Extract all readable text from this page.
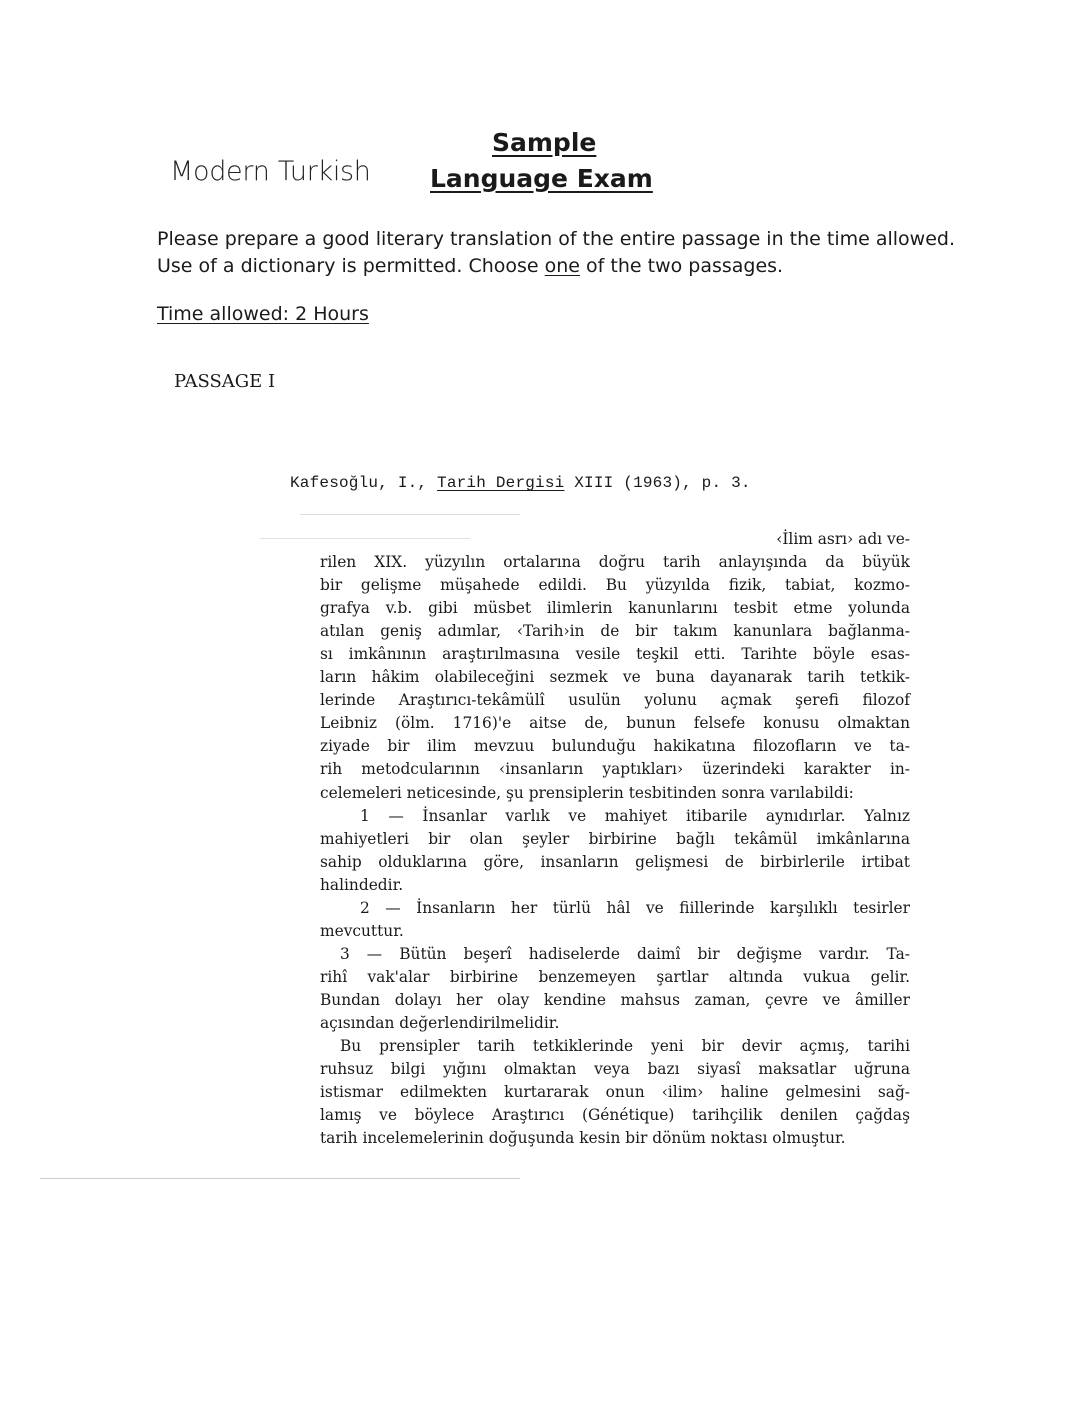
Modern Turkish
Sample
Language Exam
Please prepare a good literary translation of the entire passage in the time allowed.
Use of a dictionary is permitted. Choose one of the two passages.
Time allowed: 2 Hours
PASSAGE I
Kafesoğlu, I., Tarih Dergisi XIII (1963), p. 3.
‹İlim asrı› adı ve-
rilen XIX. yüzyılın ortalarına doğru tarih anlayışında da büyük
bir gelişme müşahede edildi. Bu yüzyılda fizik, tabiat, kozmo-
grafya v.b. gibi müsbet ilimlerin kanunlarını tesbit etme yolunda
atılan geniş adımlar, ‹Tarih›in de bir takım kanunlara bağlanma-
sı imkânının araştırılmasına vesile teşkil etti. Tarihte böyle esas-
ların hâkim olabileceğini sezmek ve buna dayanarak tarih tetkik-
lerinde Araştırıcı-tekâmülî usulün yolunu açmak şerefi filozof
Leibniz (ölm. 1716)'e aitse de, bunun felsefe konusu olmaktan
ziyade bir ilim mevzuu bulunduğu hakikatına filozofların ve ta-
rih metodcularının ‹insanların yaptıkları› üzerindeki karakter in-
celemeleri neticesinde, şu prensiplerin tesbitinden sonra varılabildi:
1 — İnsanlar varlık ve mahiyet itibarile aynıdırlar. Yalnız
mahiyetleri bir olan şeyler birbirine bağlı tekâmül imkânlarına
sahip olduklarına göre, insanların gelişmesi de birbirlerile irtibat
halindedir.
2 — İnsanların her türlü hâl ve fiillerinde karşılıklı tesirler
mevcuttur.
3 — Bütün beşerî hadiselerde daimî bir değişme vardır. Ta-
rihî vak'alar birbirine benzemeyen şartlar altında vukua gelir.
Bundan dolayı her olay kendine mahsus zaman, çevre ve âmiller
açısından değerlendirilmelidir.
Bu prensipler tarih tetkiklerinde yeni bir devir açmış, tarihi
ruhsuz bilgi yığını olmaktan veya bazı siyasî maksatlar uğruna
istismar edilmekten kurtararak onun ‹ilim› haline gelmesini sağ-
lamış ve böylece Araştırıcı (Génétique) tarihçilik denilen çağdaş
tarih incelemelerinin doğuşunda kesin bir dönüm noktası olmuştur.
